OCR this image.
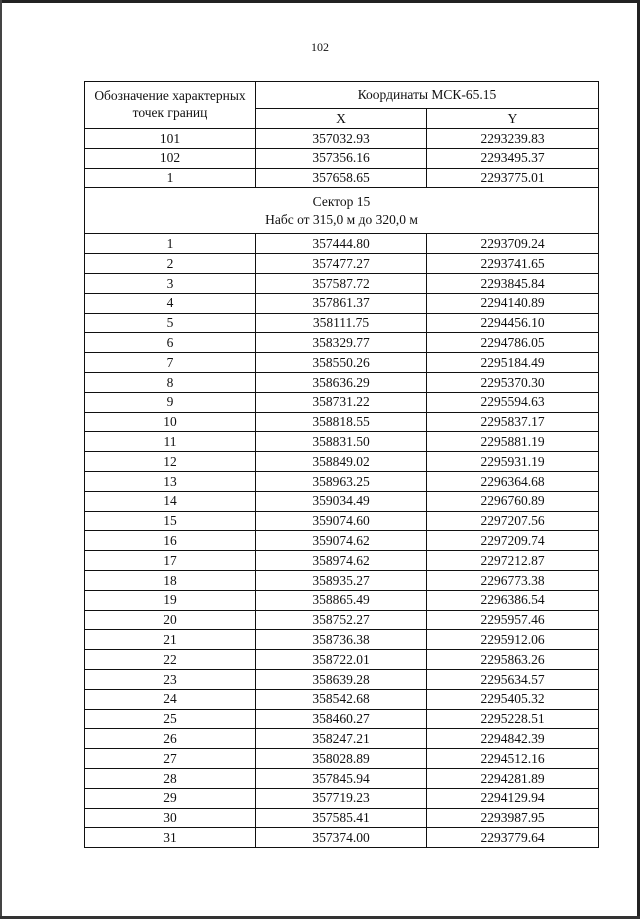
102
Обозначение характерных
точек границ	Координаты МСК-65.15	
	X	Y
101	357032.93	2293239.83
102	357356.16	2293495.37
1	357658.65	2293775.01

Сектор 15
Набс от 315,0 м до 320,0 м		

1	357444.80	2293709.24
2	357477.27	2293741.65
3	357587.72	2293845.84
4	357861.37	2294140.89
5	358111.75	2294456.10
6	358329.77	2294786.05
7	358550.26	2295184.49
8	358636.29	2295370.30
9	358731.22	2295594.63
10	358818.55	2295837.17
11	358831.50	2295881.19
12	358849.02	2295931.19
13	358963.25	2296364.68
14	359034.49	2296760.89
15	359074.60	2297207.56
16	359074.62	2297209.74
17	358974.62	2297212.87
18	358935.27	2296773.38
19	358865.49	2296386.54
20	358752.27	2295957.46
21	358736.38	2295912.06
22	358722.01	2295863.26
23	358639.28	2295634.57
24	358542.68	2295405.32
25	358460.27	2295228.51
26	358247.21	2294842.39
27	358028.89	2294512.16
28	357845.94	2294281.89
29	357719.23	2294129.94
30	357585.41	2293987.95
31	357374.00	2293779.64
